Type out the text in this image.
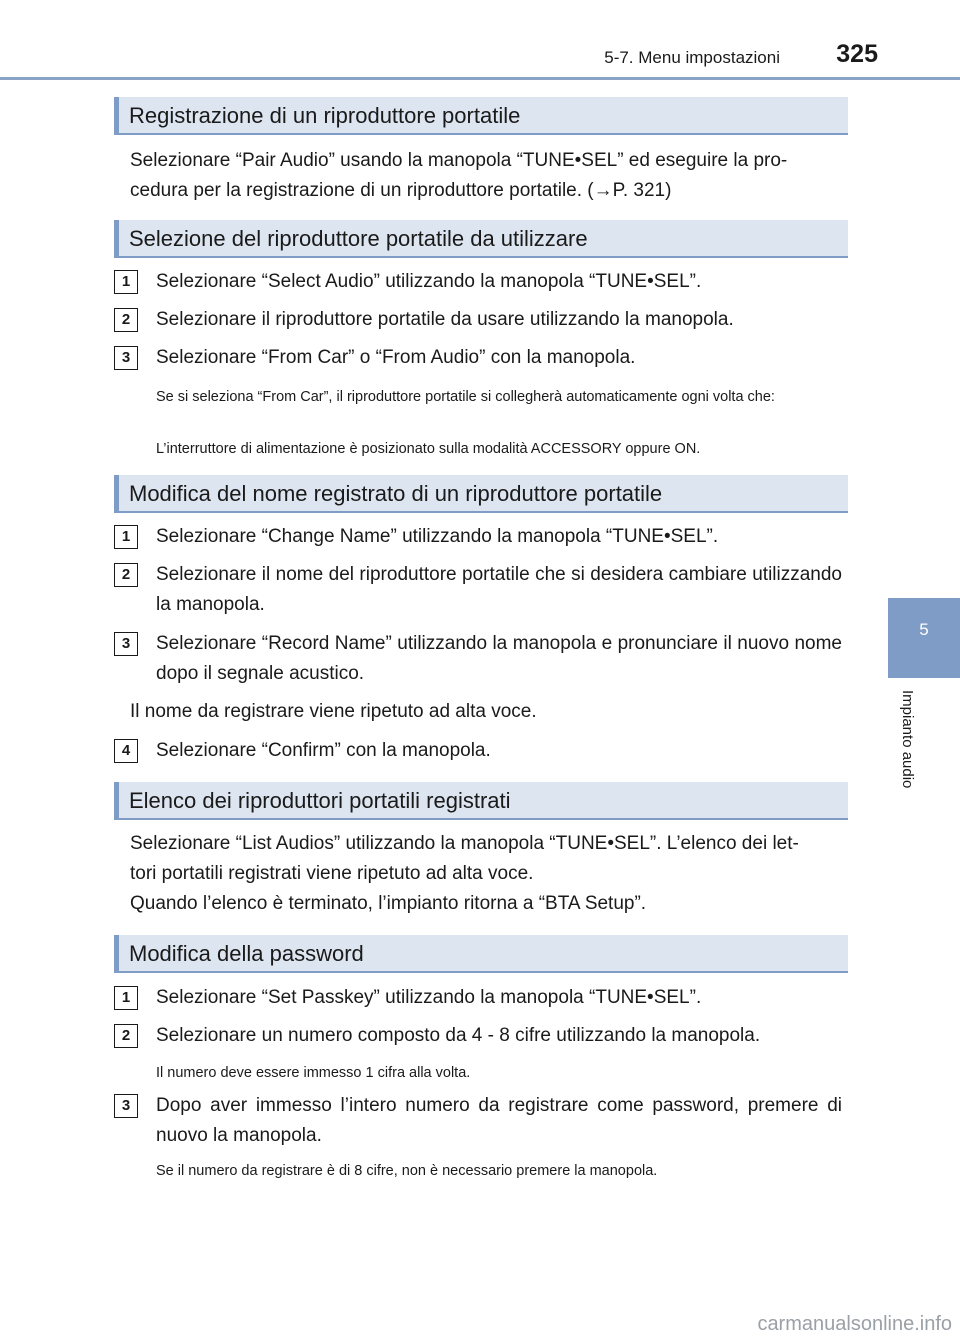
5-7. Menu impostazioni 325
5
Impianto audio
Registrazione di un riproduttore portatile
Selezionare “Pair Audio” usando la manopola “TUNE•SEL” ed eseguire la pro-
cedura per la registrazione di un riproduttore portatile. (→P. 321)
Selezione del riproduttore portatile da utilizzare
1	Selezionare “Select Audio” utilizzando la manopola “TUNE•SEL”.
2	Selezionare il riproduttore portatile da usare utilizzando la manopola.
3	Selezionare “From Car” o “From Audio” con la manopola.
Se si seleziona “From Car”, il riproduttore portatile si collegherà automaticamente ogni volta che:
L’interruttore di alimentazione è posizionato sulla modalità ACCESSORY oppure ON.
Modifica del nome registrato di un riproduttore portatile
1	Selezionare “Change Name” utilizzando la manopola “TUNE•SEL”.
2	Selezionare il nome del riproduttore portatile che si desidera cambiare utilizzando la manopola.
3	Selezionare “Record Name” utilizzando la manopola e pronunciare il nuovo nome dopo il segnale acustico.
Il nome da registrare viene ripetuto ad alta voce.
4	Selezionare “Confirm” con la manopola.
Elenco dei riproduttori portatili registrati
Selezionare “List Audios” utilizzando la manopola “TUNE•SEL”. L’elenco dei let-
tori portatili registrati viene ripetuto ad alta voce.
Quando l’elenco è terminato, l’impianto ritorna a “BTA Setup”.
Modifica della password
1	Selezionare “Set Passkey” utilizzando la manopola “TUNE•SEL”.
2	Selezionare un numero composto da 4 - 8 cifre utilizzando la manopola.
Il numero deve essere immesso 1 cifra alla volta.
3	Dopo aver immesso l’intero numero da registrare come password, premere di nuovo la manopola.
Se il numero da registrare è di 8 cifre, non è necessario premere la manopola.
carmanualsonline.info
